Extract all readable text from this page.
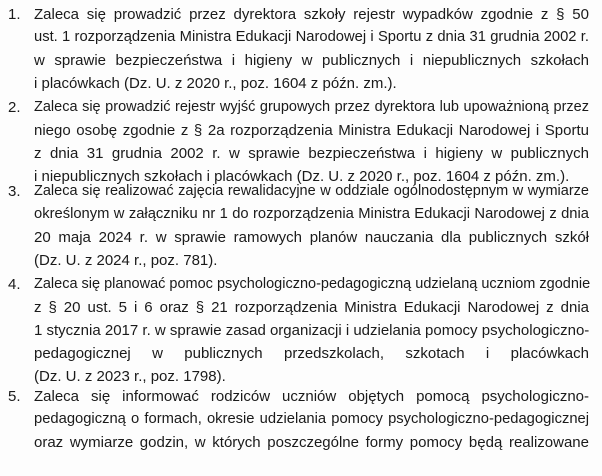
1. Zaleca się prowadzić przez dyrektora szkoły rejestr wypadków zgodnie z § 50
ust. 1 rozporządzenia Ministra Edukacji Narodowej i Sportu z dnia 31 grudnia 2002 r.
w sprawie bezpieczeństwa i higieny w publicznych i niepublicznych szkołach
i placówkach (Dz. U. z 2020 r., poz. 1604 z późn. zm.).
2. Zaleca się prowadzić rejestr wyjść grupowych przez dyrektora lub upoważnioną przez
niego osobę zgodnie z § 2a rozporządzenia Ministra Edukacji Narodowej i Sportu
z dnia 31 grudnia 2002 r. w sprawie bezpieczeństwa i higieny w publicznych
i niepublicznych szkołach i placówkach (Dz. U. z 2020 r., poz. 1604 z późn. zm.).
3. Zaleca się realizować zajęcia rewalidacyjne w oddziale ogólnodostępnym w wymiarze
określonym w załączniku nr 1 do rozporządzenia Ministra Edukacji Narodowej z dnia
20 maja 2024 r. w sprawie ramowych planów nauczania dla publicznych szkół
(Dz. U. z 2024 r., poz. 781).
4. Zaleca się planować pomoc psychologiczno-pedagogiczną udzielaną uczniom zgodnie
z § 20 ust. 5 i 6 oraz § 21 rozporządzenia Ministra Edukacji Narodowej z dnia
1 stycznia 2017 r. w sprawie zasad organizacji i udzielania pomocy psychologiczno-
pedagogicznej w publicznych przedszkolach, szkotach i placówkach
(Dz. U. z 2023 r., poz. 1798).
5. Zaleca się informować rodziców uczniów objętych pomocą psychologiczno-
pedagogiczną o formach, okresie udzielania pomocy psychologiczno-pedagogicznej
oraz wymiarze godzin, w których poszczególne formy pomocy będą realizowane
